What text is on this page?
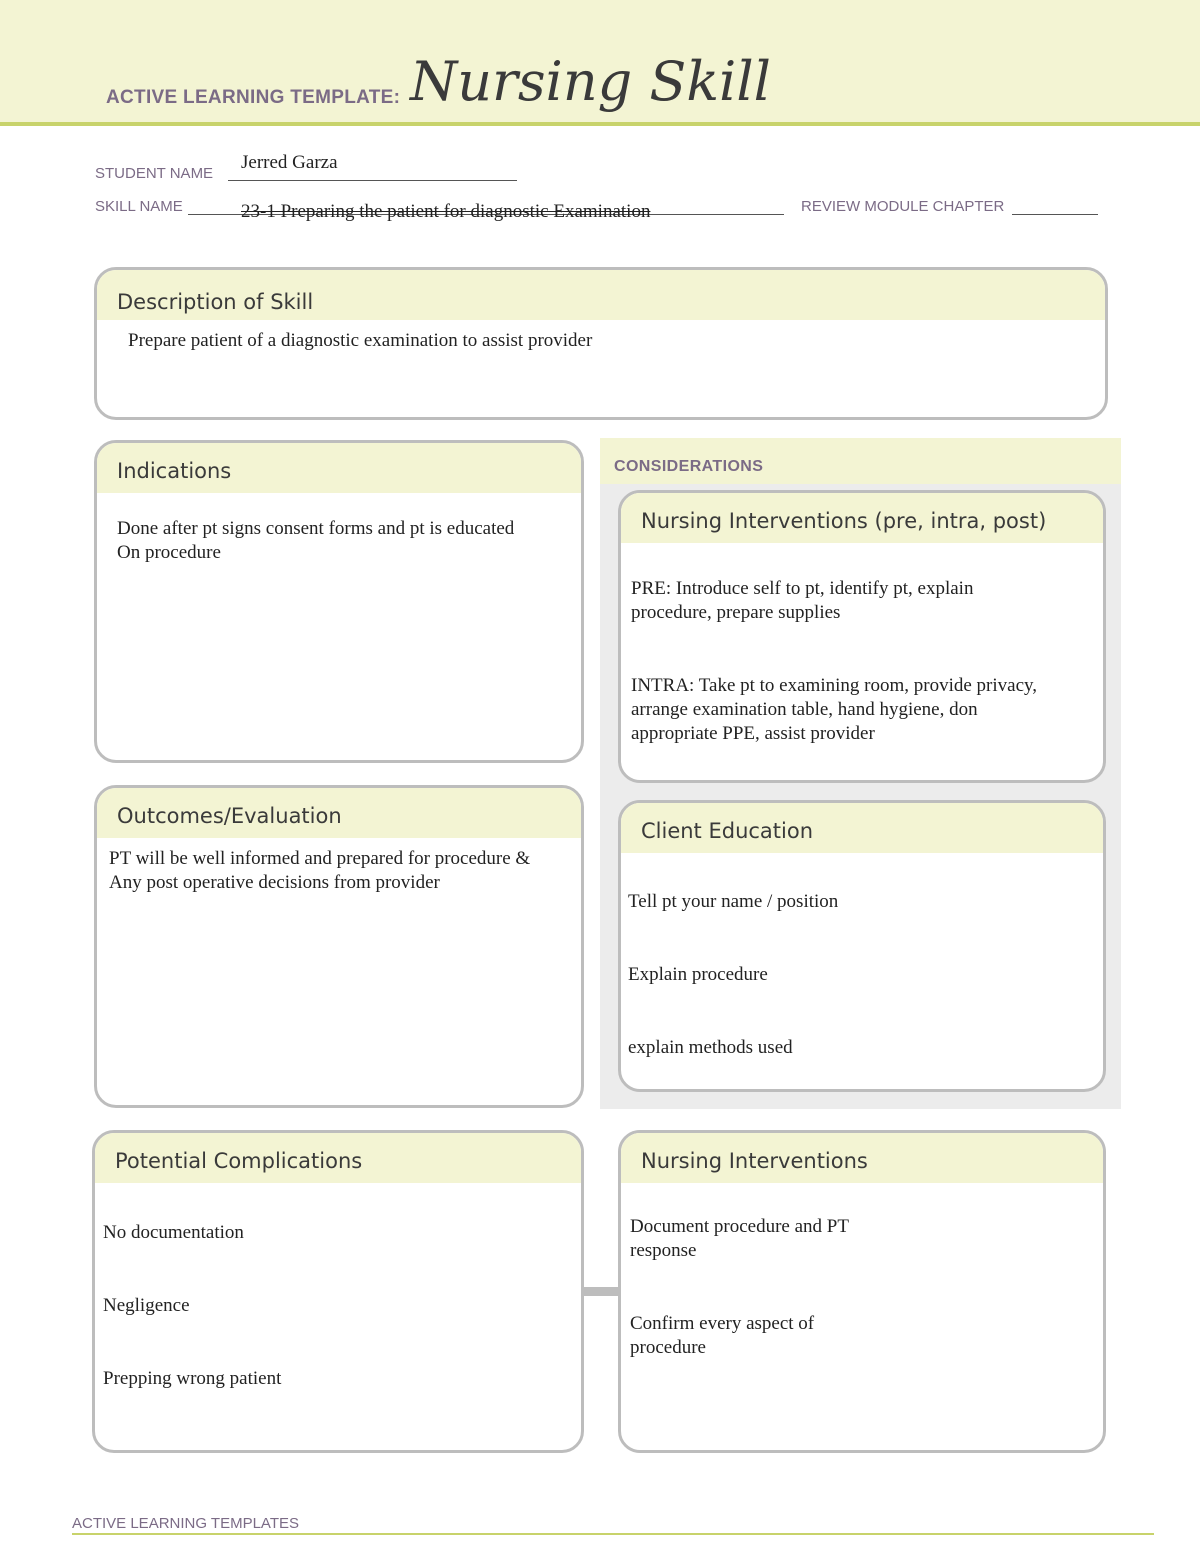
ACTIVE LEARNING TEMPLATE: Nursing Skill
STUDENT NAME
Jerred Garza
SKILL NAME	23-1 Preparing the patient for diagnostic Examination	REVIEW MODULE CHAPTER
Description of Skill
Prepare patient of a diagnostic examination to assist provider
Indications
Done after pt signs consent forms and pt is educated
On procedure
Outcomes/Evaluation
PT will be well informed and prepared for procedure &
Any post operative decisions from provider
CONSIDERATIONS
Nursing Interventions (pre, intra, post)

PRE: Introduce self to pt, identify pt, explain
procedure, prepare supplies

INTRA: Take pt to examining room, provide privacy,
arrange examination table, hand hygiene, don
appropriate PPE, assist provider

Client Education

Tell pt your name / position

Explain procedure

explain methods used

Potential Complications

No documentation

Negligence

Prepping wrong patient

Nursing Interventions

Document procedure and PT
response

Confirm every aspect of
procedure

ACTIVE LEARNING TEMPLATES
